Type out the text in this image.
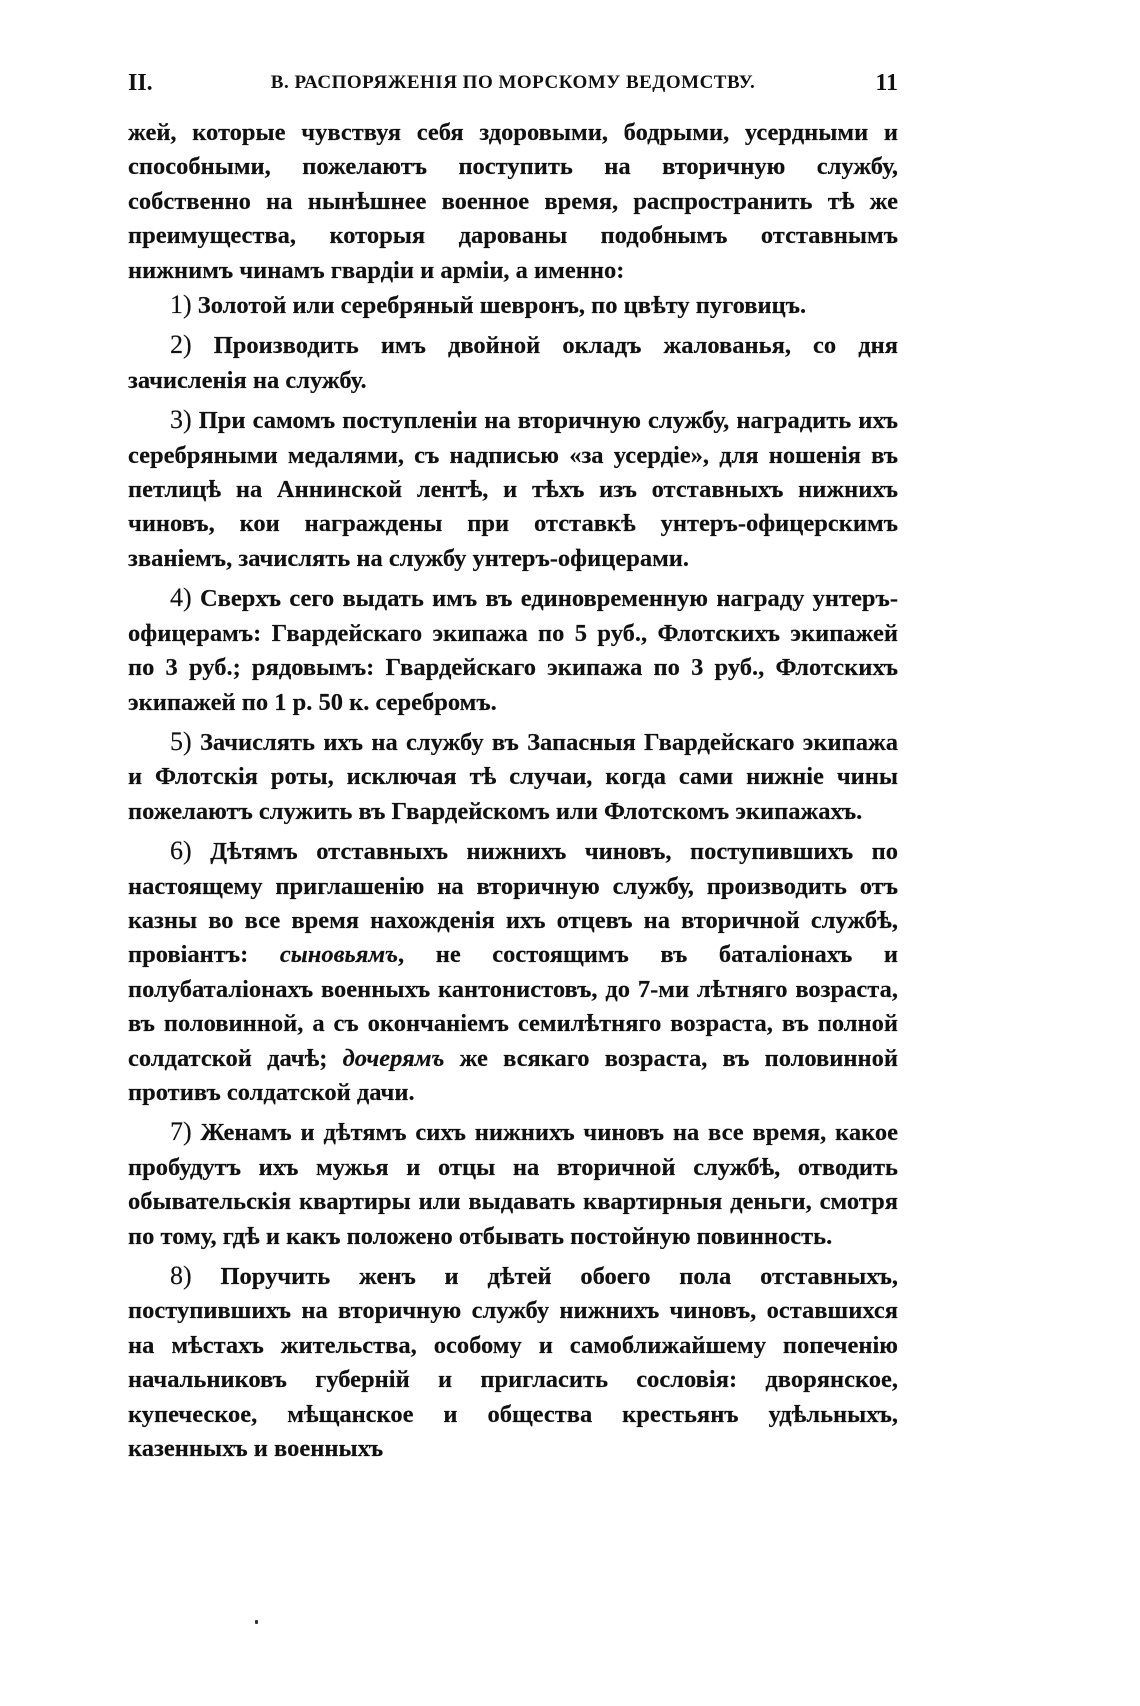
II.	В. РАСПОРЯЖЕНІЯ ПО МОРСКОМУ ВЕДОМСТВУ.	11

жей, которые чувствуя себя здоровыми, бодрыми, усердными и способными, пожелаютъ поступить на вторичную службу, собственно на нынѣшнее военное время, распространить тѣ же преимущества, которыя дарованы подобнымъ отставнымъ нижнимъ чинамъ гвардіи и арміи, а именно:

1) Золотой или серебряный шевронъ, по цвѣту пуговицъ.

2) Производить имъ двойной окладъ жалованья, со дня зачисленія на службу.

3) При самомъ поступленіи на вторичную службу, наградить ихъ серебряными медалями, съ надписью «за усердіе», для ношенія въ петлицѣ на Аннинской лентѣ, и тѣхъ изъ отставныхъ нижнихъ чиновъ, кои награждены при отставкѣ унтеръ-офицерскимъ званіемъ, зачислять на службу унтеръ-офицерами.

4) Сверхъ сего выдать имъ въ единовременную награду унтеръ-офицерамъ: Гвардейскаго экипажа по 5 руб., Флотскихъ экипажей по 3 руб.; рядовымъ: Гвардейскаго экипажа по 3 руб., Флотскихъ экипажей по 1 р. 50 к. серебромъ.

5) Зачислять ихъ на службу въ Запасныя Гвардейскаго экипажа и Флотскія роты, исключая тѣ случаи, когда сами нижніе чины пожелаютъ служить въ Гвардейскомъ или Флотскомъ экипажахъ.

6) Дѣтямъ отставныхъ нижнихъ чиновъ, поступившихъ по настоящему приглашенію на вторичную службу, производить отъ казны во все время нахожденія ихъ отцевъ на вторичной службѣ, провіантъ: сыновьямъ, не состоящимъ въ баталіонахъ и полубаталіонахъ военныхъ кантонистовъ, до 7-ми лѣтняго возраста, въ половинной, а съ окончаніемъ семилѣтняго возраста, въ полной солдатской дачѣ; дочерямъ же всякаго возраста, въ половинной противъ солдатской дачи.

7) Женамъ и дѣтямъ сихъ нижнихъ чиновъ на все время, какое пробудутъ ихъ мужья и отцы на вторичной службѣ, отводить обывательскія квартиры или выдавать квартирныя деньги, смотря по тому, гдѣ и какъ положено отбывать постойную повинность.

8) Поручить женъ и дѣтей обоего пола отставныхъ, поступившихъ на вторичную службу нижнихъ чиновъ, оставшихся на мѣстахъ жительства, особому и самоближайшему попеченію начальниковъ губерній и пригласить сословія: дворянское, купеческое, мѣщанское и общества крестьянъ удѣльныхъ, казенныхъ и военныхъ
